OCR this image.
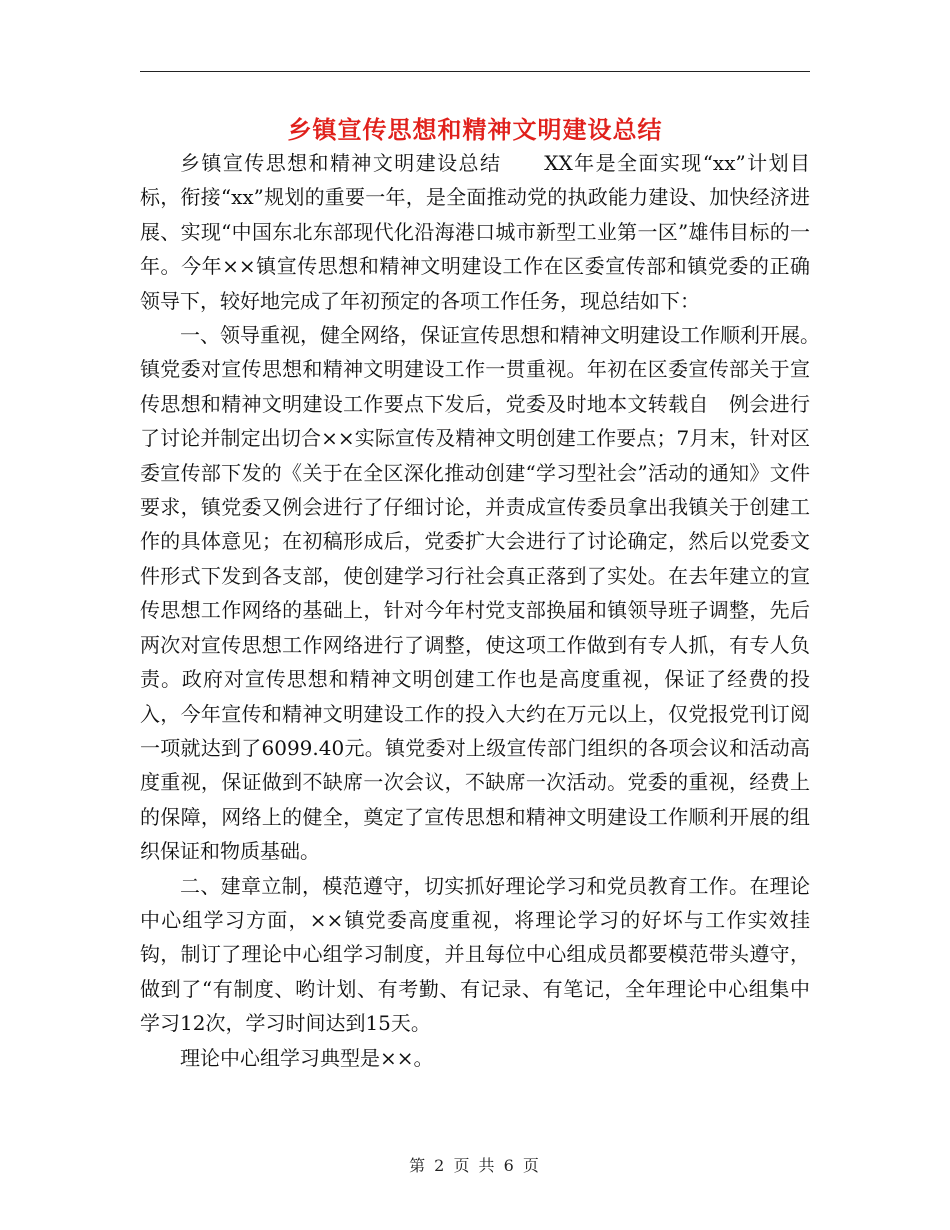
乡镇宣传思想和精神文明建设总结

乡镇宣传思想和精神文明建设总结　　XX年是全面实现“xx”计划目标，衔接“xx”规划的重要一年，是全面推动党的执政能力建设、加快经济进展、实现“中国东北东部现代化沿海港口城市新型工业第一区”雄伟目标的一年。今年××镇宣传思想和精神文明建设工作在区委宣传部和镇党委的正确领导下，较好地完成了年初预定的各项工作任务，现总结如下：

一、领导重视，健全网络，保证宣传思想和精神文明建设工作顺利开展。　　镇党委对宣传思想和精神文明建设工作一贯重视。年初在区委宣传部关于宣传思想和精神文明建设工作要点下发后，党委及时地本文转载自　例会进行了讨论并制定出切合××实际宣传及精神文明创建工作要点；7月末，针对区委宣传部下发的《关于在全区深化推动创建“学习型社会”活动的通知》文件要求，镇党委又例会进行了仔细讨论，并责成宣传委员拿出我镇关于创建工作的具体意见；在初稿形成后，党委扩大会进行了讨论确定，然后以党委文件形式下发到各支部，使创建学习行社会真正落到了实处。在去年建立的宣传思想工作网络的基础上，针对今年村党支部换届和镇领导班子调整，先后两次对宣传思想工作网络进行了调整，使这项工作做到有专人抓，有专人负责。政府对宣传思想和精神文明创建工作也是高度重视，保证了经费的投入，今年宣传和精神文明建设工作的投入大约在万元以上，仅党报党刊订阅一项就达到了6099.40元。镇党委对上级宣传部门组织的各项会议和活动高度重视，保证做到不缺席一次会议，不缺席一次活动。党委的重视，经费上的保障，网络上的健全，奠定了宣传思想和精神文明建设工作顺利开展的组织保证和物质基础。

二、建章立制，模范遵守，切实抓好理论学习和党员教育工作。在理论中心组学习方面，××镇党委高度重视，将理论学习的好坏与工作实效挂钩，制订了理论中心组学习制度，并且每位中心组成员都要模范带头遵守，做到了“有制度、哟计划、有考勤、有记录、有笔记，全年理论中心组集中学习12次，学习时间达到15天。

理论中心组学习典型是××。

第 2 页 共 6 页
